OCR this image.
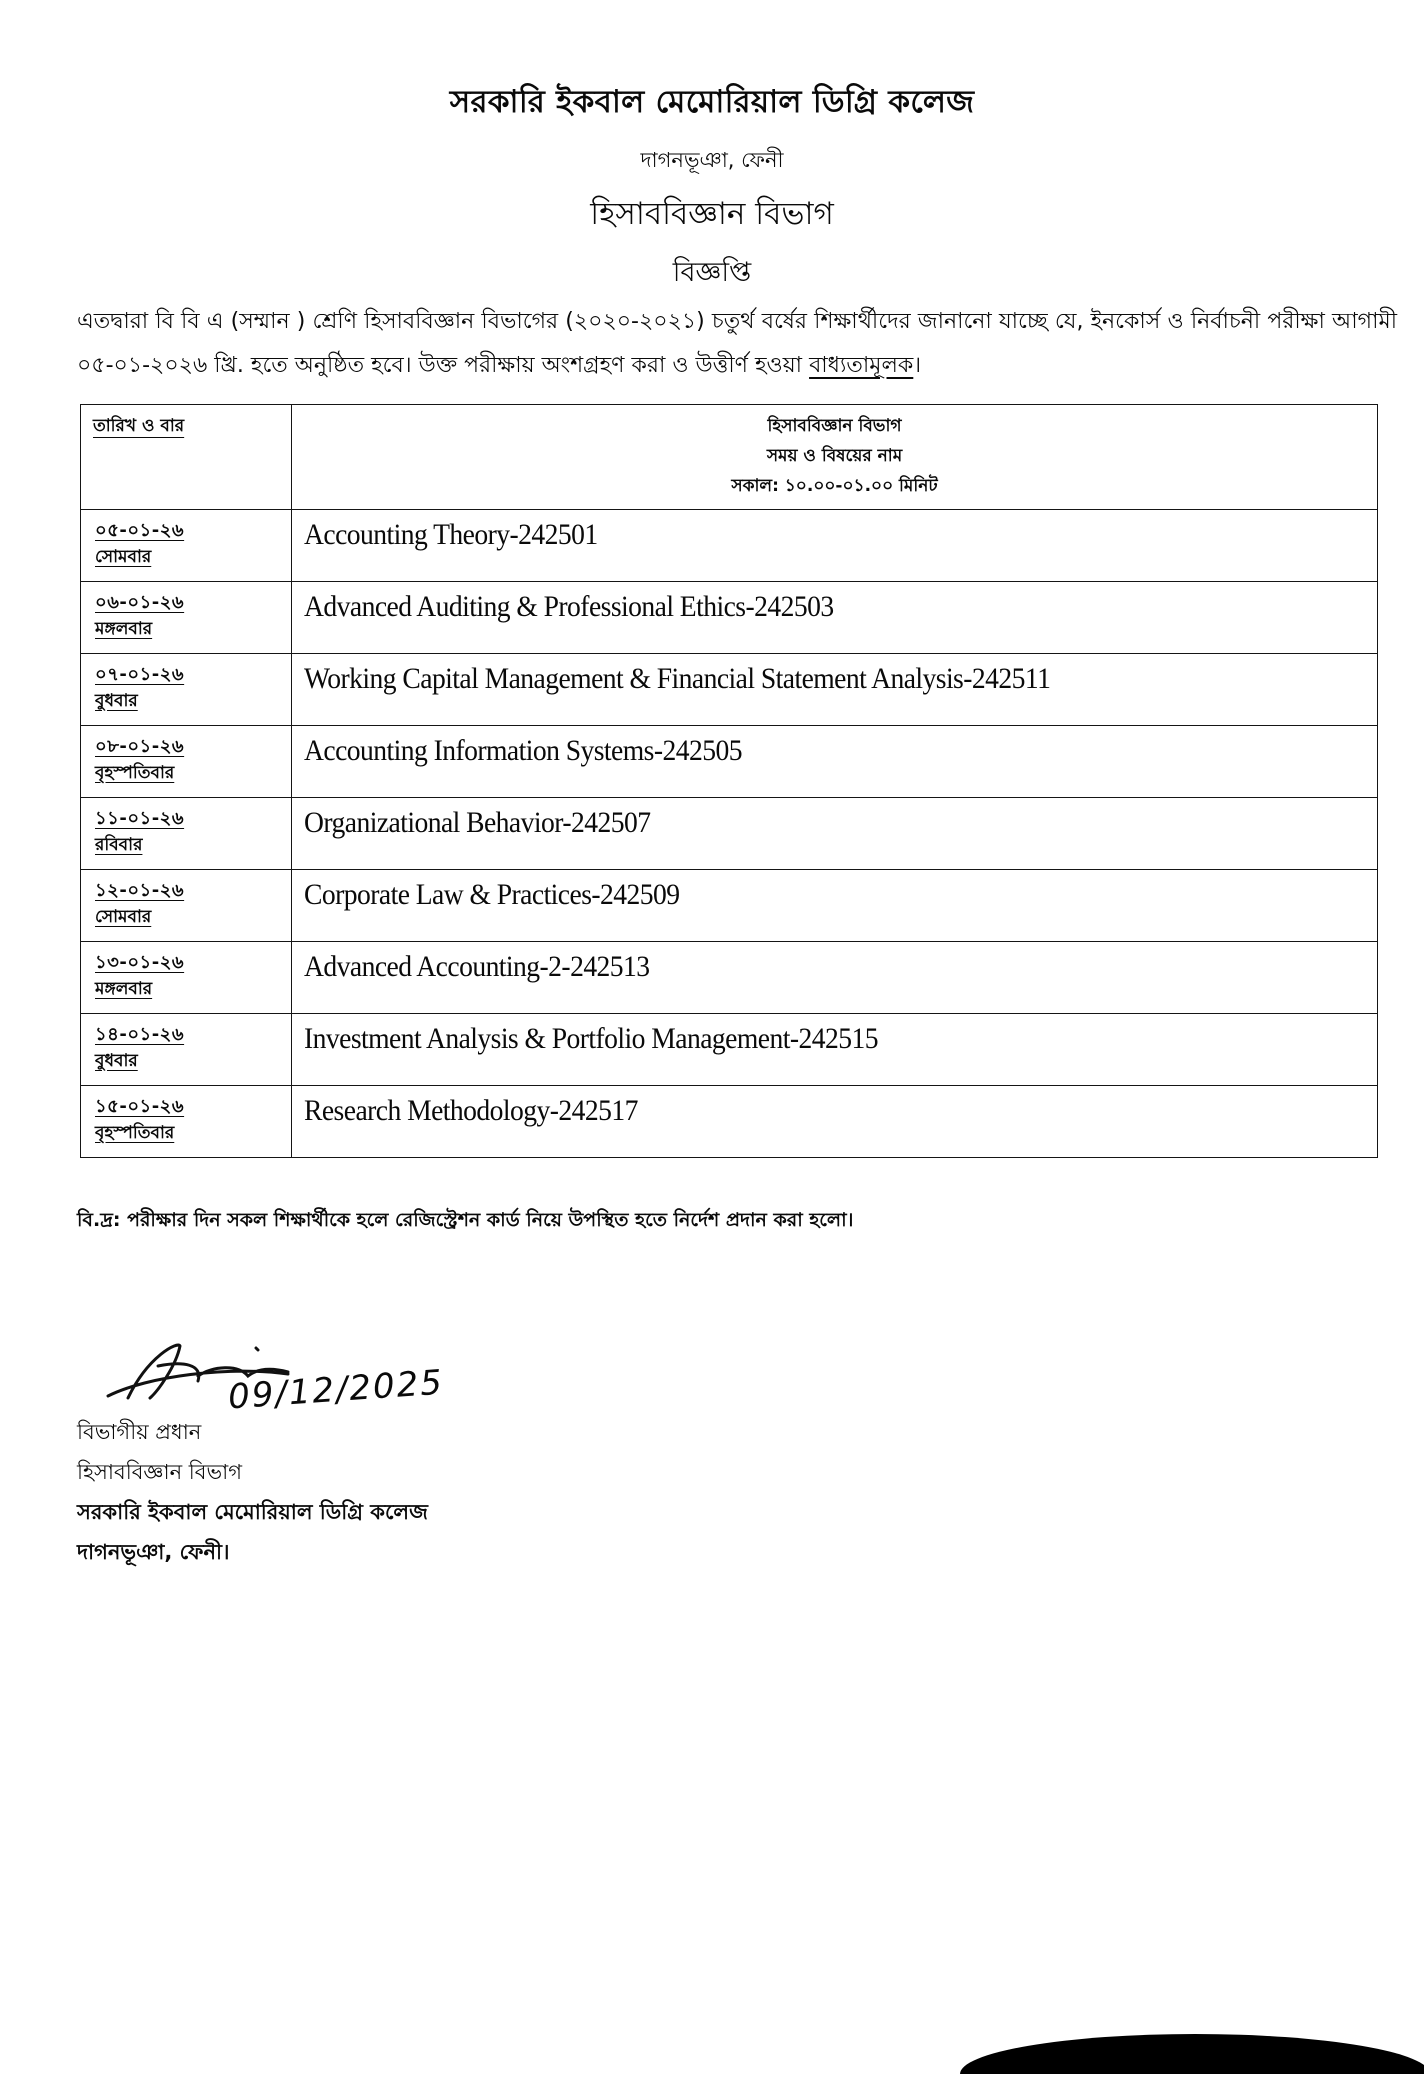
সরকারি ইকবাল মেমোরিয়াল ডিগ্রি কলেজ
দাগনভূঞা, ফেনী
হিসাববিজ্ঞান বিভাগ
বিজ্ঞপ্তি
এতদ্বারা বি বি এ (সম্মান ) শ্রেণি হিসাববিজ্ঞান বিভাগের (২০২০-২০২১) চতুর্থ বর্ষের শিক্ষার্থীদের জানানো যাচ্ছে যে, ইনকোর্স ও নির্বাচনী পরীক্ষা আগামী ০৫-০১-২০২৬ খ্রি. হতে অনুষ্ঠিত হবে। উক্ত পরীক্ষায় অংশগ্রহণ করা ও উত্তীর্ণ হওয়া বাধ্যতামূলক।
তারিখ ও বার	হিসাববিজ্ঞান বিভাগ
সময় ও বিষয়ের নাম
সকাল: ১০.০০-০১.০০ মিনিট

০৫-০১-২৬
সোমবার	Accounting Theory-242501

০৬-০১-২৬
মঙ্গলবার	Advanced Auditing & Professional Ethics-242503

০৭-০১-২৬
বুধবার	Working Capital Management & Financial Statement Analysis-242511

০৮-০১-২৬
বৃহস্পতিবার	Accounting Information Systems-242505

১১-০১-২৬
রবিবার	Organizational Behavior-242507

১২-০১-২৬
সোমবার	Corporate Law & Practices-242509

১৩-০১-২৬
মঙ্গলবার	Advanced Accounting-2-242513

১৪-০১-২৬
বুধবার	Investment Analysis & Portfolio Management-242515

১৫-০১-২৬
বৃহস্পতিবার	Research Methodology-242517
বি.দ্র: পরীক্ষার দিন সকল শিক্ষার্থীকে হলে রেজিস্ট্রেশন কার্ড নিয়ে উপস্থিত হতে নির্দেশ প্রদান করা হলো।
09/12/2025
বিভাগীয় প্রধান
হিসাববিজ্ঞান বিভাগ
সরকারি ইকবাল মেমোরিয়াল ডিগ্রি কলেজ
দাগনভূঞা, ফেনী।
